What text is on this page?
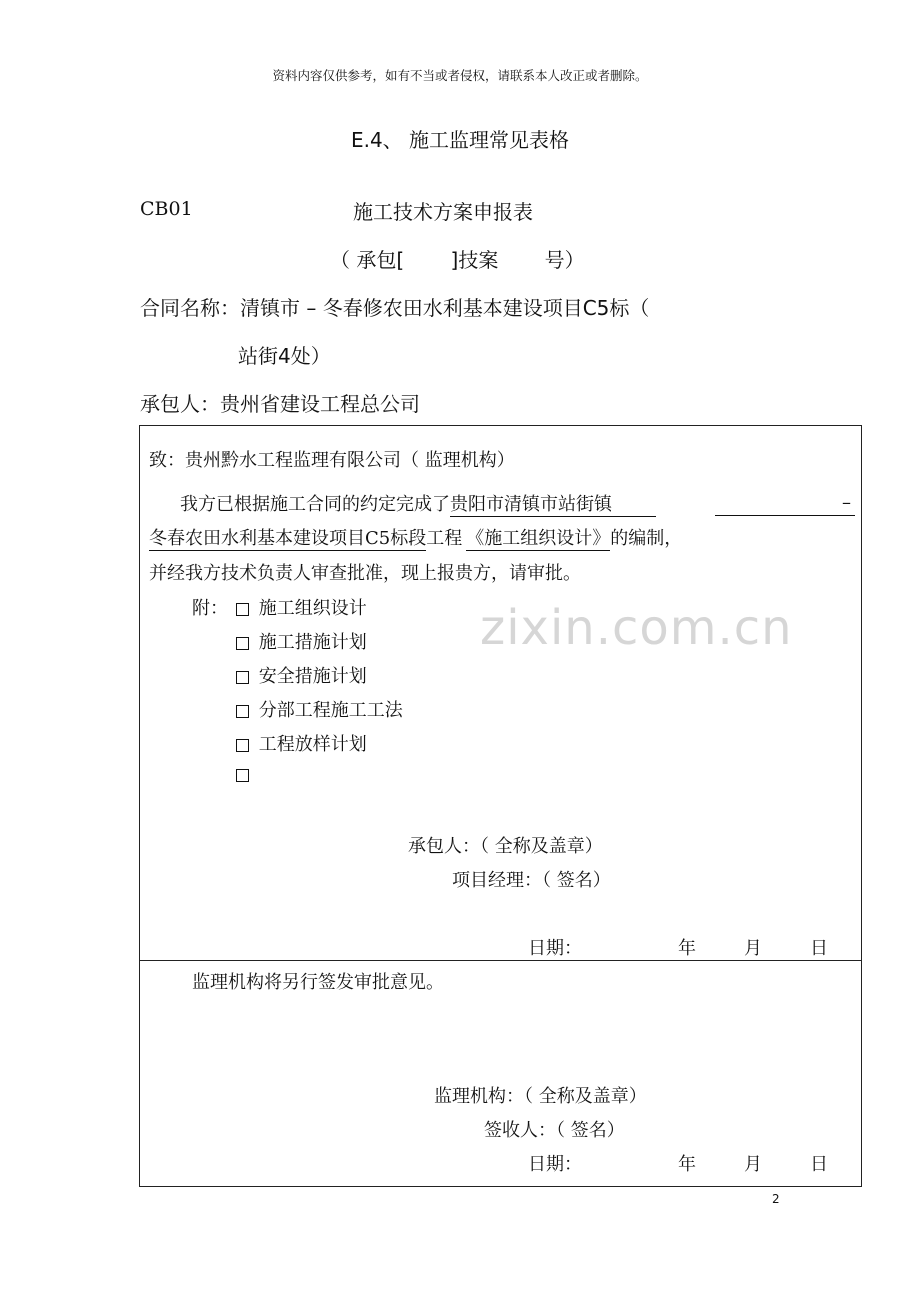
资料内容仅供参考，如有不当或者侵权，请联系本人改正或者删除。
E.4、 施工监理常见表格
CB01	施工技术方案申报表
（ 承包[　　 ]技案　　 号）
合同名称：清镇市 – 冬春修农田水利基本建设项目C5标（
站街4处）
承包人：贵州省建设工程总公司
zixin.com.cn
致：贵州黔水工程监理有限公司（ 监理机构）
我方已根据施工合同的约定完成了贵阳市清镇市站街镇	–
冬春农田水利基本建设项目C5标段工程 《施工组织设计》的编制，
并经我方技术负责人审查批准，现上报贵方，请审批。
附：	施工组织设计
施工措施计划
安全措施计划
分部工程施工工法
工程放样计划
承包人：（ 全称及盖章）
项目经理：（ 签名）
日期：	年	月	日
监理机构将另行签发审批意见。
监理机构：（ 全称及盖章）
签收人：（ 签名）
日期：	年	月	日
2
